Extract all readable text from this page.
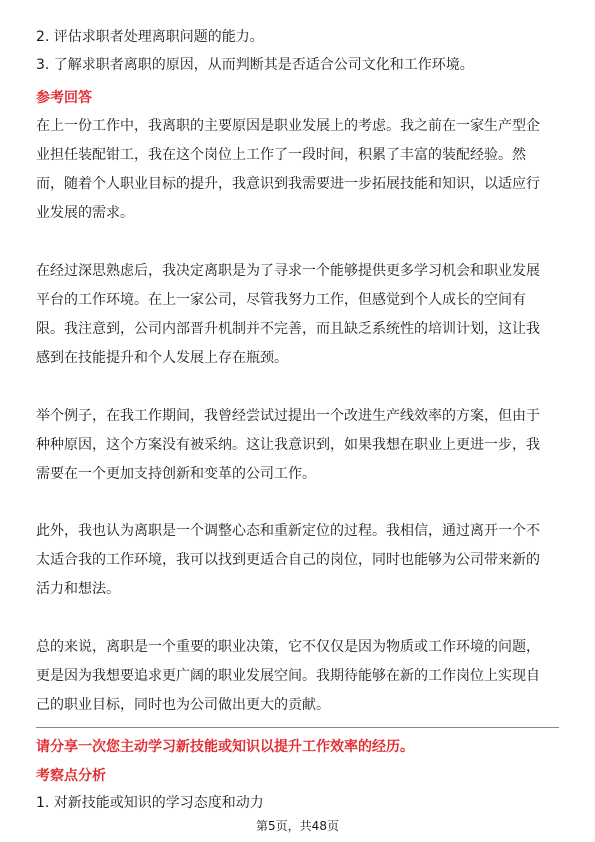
2. 评估求职者处理离职问题的能力。
3. 了解求职者离职的原因，从而判断其是否适合公司文化和工作环境。
参考回答
在上一份工作中，我离职的主要原因是职业发展上的考虑。我之前在一家生产型企
业担任装配钳工，我在这个岗位上工作了一段时间，积累了丰富的装配经验。然
而，随着个人职业目标的提升，我意识到我需要进一步拓展技能和知识，以适应行
业发展的需求。
在经过深思熟虑后，我决定离职是为了寻求一个能够提供更多学习机会和职业发展
平台的工作环境。在上一家公司，尽管我努力工作，但感觉到个人成长的空间有
限。我注意到，公司内部晋升机制并不完善，而且缺乏系统性的培训计划，这让我
感到在技能提升和个人发展上存在瓶颈。
举个例子，在我工作期间，我曾经尝试过提出一个改进生产线效率的方案，但由于
种种原因，这个方案没有被采纳。这让我意识到，如果我想在职业上更进一步，我
需要在一个更加支持创新和变革的公司工作。
此外，我也认为离职是一个调整心态和重新定位的过程。我相信，通过离开一个不
太适合我的工作环境，我可以找到更适合自己的岗位，同时也能够为公司带来新的
活力和想法。
总的来说，离职是一个重要的职业决策，它不仅仅是因为物质或工作环境的问题，
更是因为我想要追求更广阔的职业发展空间。我期待能够在新的工作岗位上实现自
己的职业目标，同时也为公司做出更大的贡献。
请分享一次您主动学习新技能或知识以提升工作效率的经历。
考察点分析
1. 对新技能或知识的学习态度和动力
第5页，共48页
